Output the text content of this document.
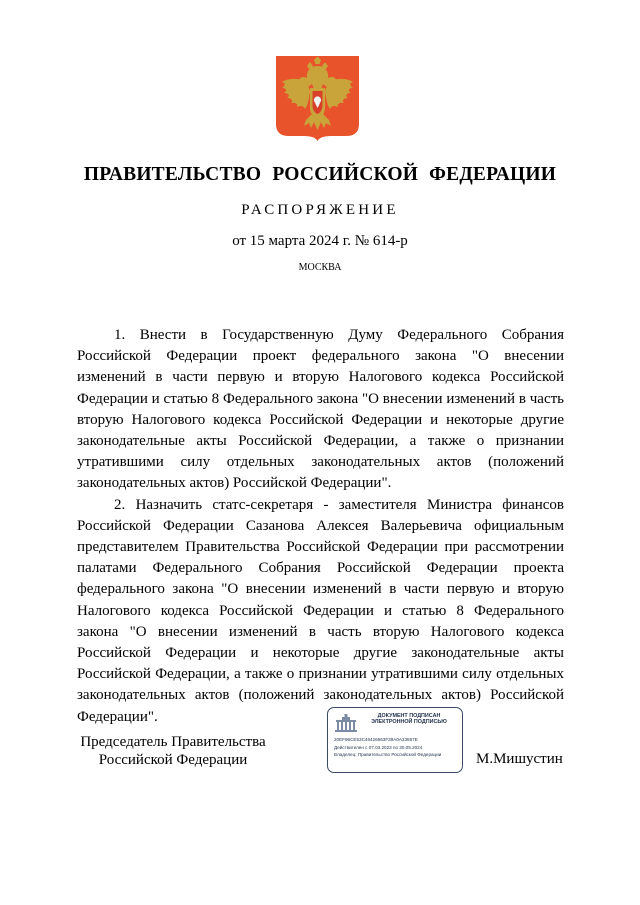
ПРАВИТЕЛЬСТВО РОССИЙСКОЙ ФЕДЕРАЦИИ
РАСПОРЯЖЕНИЕ
от 15 марта 2024 г. № 614-р
МОСКВА

1. Внести в Государственную Думу Федерального Собрания Российской Федерации проект федерального закона "О внесении изменений в части первую и вторую Налогового кодекса Российской Федерации и статью 8 Федерального закона "О внесении изменений в часть вторую Налогового кодекса Российской Федерации и некоторые другие законодательные акты Российской Федерации, а также о признании утратившими силу отдельных законодательных актов (положений законодательных актов) Российской Федерации".

2. Назначить статс-секретаря - заместителя Министра финансов Российской Федерации Сазанова Алексея Валерьевича официальным представителем Правительства Российской Федерации при рассмотрении палатами Федерального Собрания Российской Федерации проекта федерального закона "О внесении изменений в части первую и вторую Налогового кодекса Российской Федерации и статью 8 Федерального закона "О внесении изменений в часть вторую Налогового кодекса Российской Федерации и некоторые другие законодательные акты Российской Федерации, а также о признании утратившими силу отдельных законодательных актов (положений законодательных актов) Российской Федерации".

Председатель Правительства
Российской Федерации
ДОКУМЕНТ ПОДПИСАН
ЭЛЕКТРОННОЙ ПОДПИСЬЮ
20EF96CE53C46426663F39A0A33867E
Действителен с 07.03.2023 по 30.05.2024
Владелец: Правительство Российской Федерации	М.Мишустин
